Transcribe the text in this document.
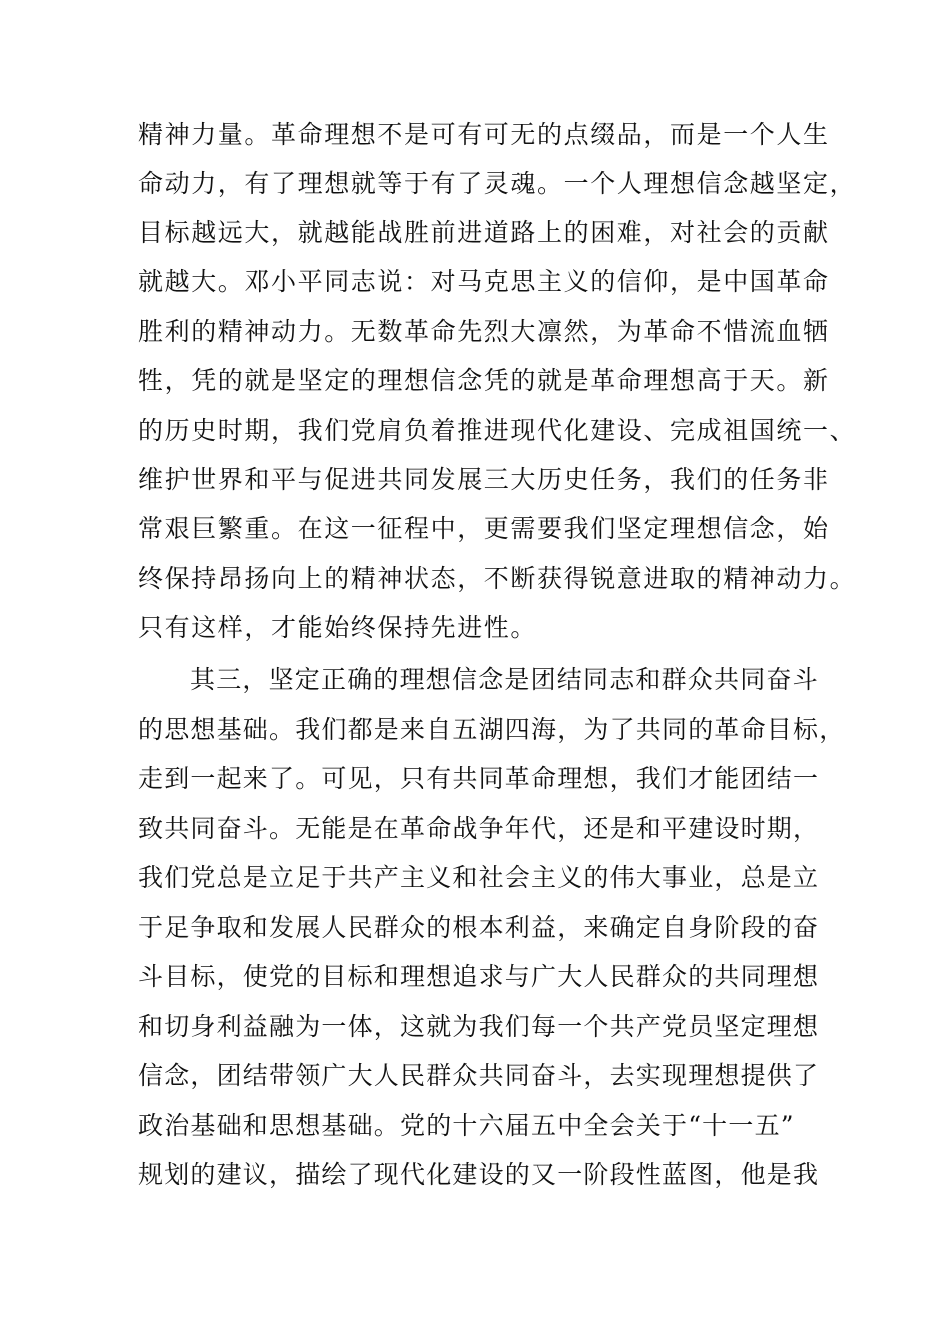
精神力量。革命理想不是可有可无的点缀品，而是一个人生
命动力，有了理想就等于有了灵魂。一个人理想信念越坚定，
目标越远大，就越能战胜前进道路上的困难，对社会的贡献
就越大。邓小平同志说：对马克思主义的信仰，是中国革命
胜利的精神动力。无数革命先烈大凛然，为革命不惜流血牺
牲，凭的就是坚定的理想信念凭的就是革命理想高于天。新
的历史时期，我们党肩负着推进现代化建设、完成祖国统一、
维护世界和平与促进共同发展三大历史任务，我们的任务非
常艰巨繁重。在这一征程中，更需要我们坚定理想信念，始
终保持昂扬向上的精神状态，不断获得锐意进取的精神动力。
只有这样，才能始终保持先进性。
其三，坚定正确的理想信念是团结同志和群众共同奋斗
的思想基础。我们都是来自五湖四海，为了共同的革命目标，
走到一起来了。可见，只有共同革命理想，我们才能团结一
致共同奋斗。无能是在革命战争年代，还是和平建设时期，
我们党总是立足于共产主义和社会主义的伟大事业，总是立
于足争取和发展人民群众的根本利益，来确定自身阶段的奋
斗目标，使党的目标和理想追求与广大人民群众的共同理想
和切身利益融为一体，这就为我们每一个共产党员坚定理想
信念，团结带领广大人民群众共同奋斗，去实现理想提供了
政治基础和思想基础。党的十六届五中全会关于“十一五”
规划的建议，描绘了现代化建设的又一阶段性蓝图，他是我
